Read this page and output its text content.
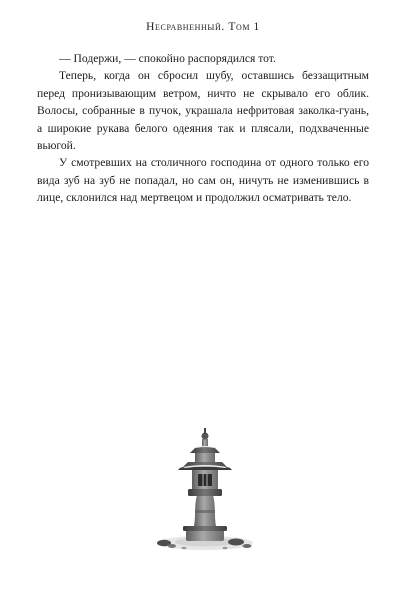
Несравненный. Том 1

— Подержи, — спокойно распорядился тот.

Теперь, когда он сбросил шубу, оставшись беззащитным перед пронизывающим ветром, ничто не скрывало его облик. Волосы, собранные в пучок, украшала нефритовая заколка-гуань, а широкие рукава белого одеяния так и плясали, подхваченные вьюгой.

У смотревших на столичного господина от одного только его вида зуб на зуб не попадал, но сам он, ничуть не изменившись в лице, склонился над мертвецом и продолжил осматривать тело.
